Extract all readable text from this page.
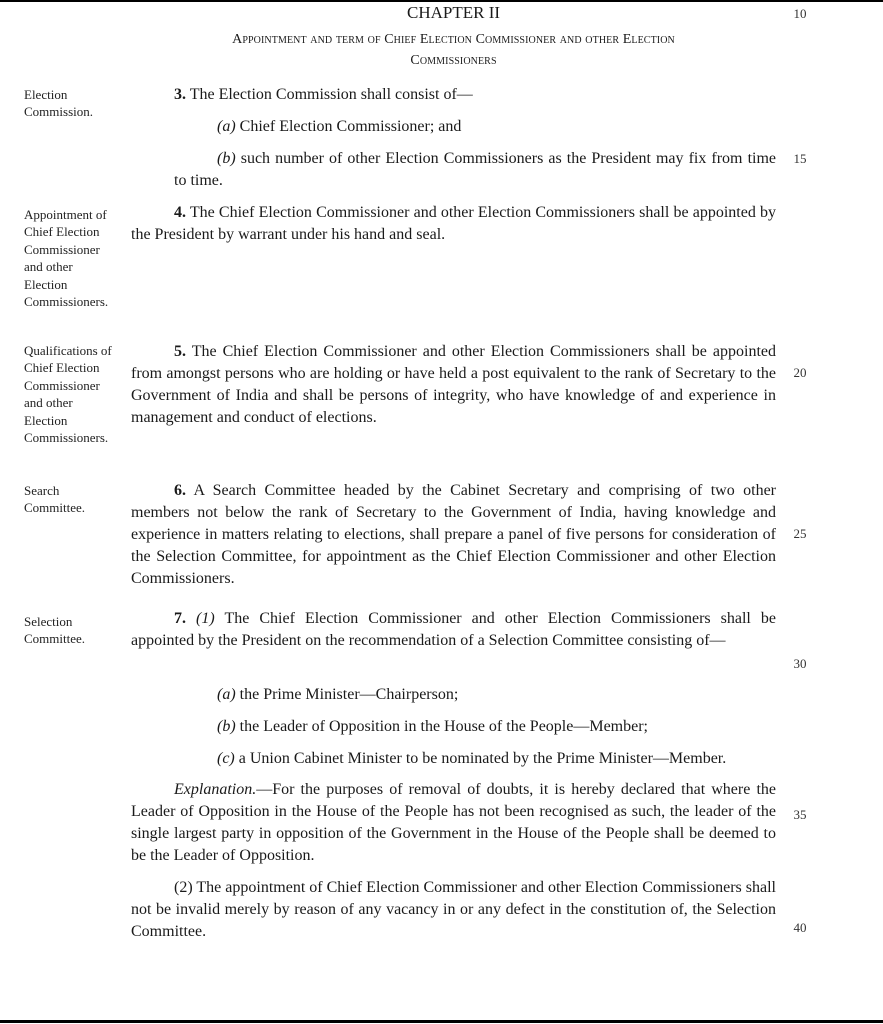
CHAPTER II
Appointment and term of Chief Election Commissioner and other Election
Commissioners
10
15
20
25
30
35
40
Election Commission.
3. The Election Commission shall consist of—
(a) Chief Election Commissioner; and
(b) such number of other Election Commissioners as the President may fix from time to time.
Appointment of Chief Election Commissioner and other Election Commissioners.
4. The Chief Election Commissioner and other Election Commissioners shall be appointed by the President by warrant under his hand and seal.
Qualifications of Chief Election Commissioner and other Election Commissioners.
5. The Chief Election Commissioner and other Election Commissioners shall be appointed from amongst persons who are holding or have held a post equivalent to the rank of Secretary to the Government of India and shall be persons of integrity, who have knowledge of and experience in management and conduct of elections.
Search Committee.
6. A Search Committee headed by the Cabinet Secretary and comprising of two other members not below the rank of Secretary to the Government of India, having knowledge and experience in matters relating to elections, shall prepare a panel of five persons for consideration of the Selection Committee, for appointment as the Chief Election Commissioner and other Election Commissioners.
Selection Committee.
7. (1) The Chief Election Commissioner and other Election Commissioners shall be appointed by the President on the recommendation of a Selection Committee consisting of—
(a) the Prime Minister—Chairperson;
(b) the Leader of Opposition in the House of the People—Member;
(c) a Union Cabinet Minister to be nominated by the Prime Minister—Member.
Explanation.—For the purposes of removal of doubts, it is hereby declared that where the Leader of Opposition in the House of the People has not been recognised as such, the leader of the single largest party in opposition of the Government in the House of the People shall be deemed to be the Leader of Opposition.
(2) The appointment of Chief Election Commissioner and other Election Commissioners shall not be invalid merely by reason of any vacancy in or any defect in the constitution of, the Selection Committee.
